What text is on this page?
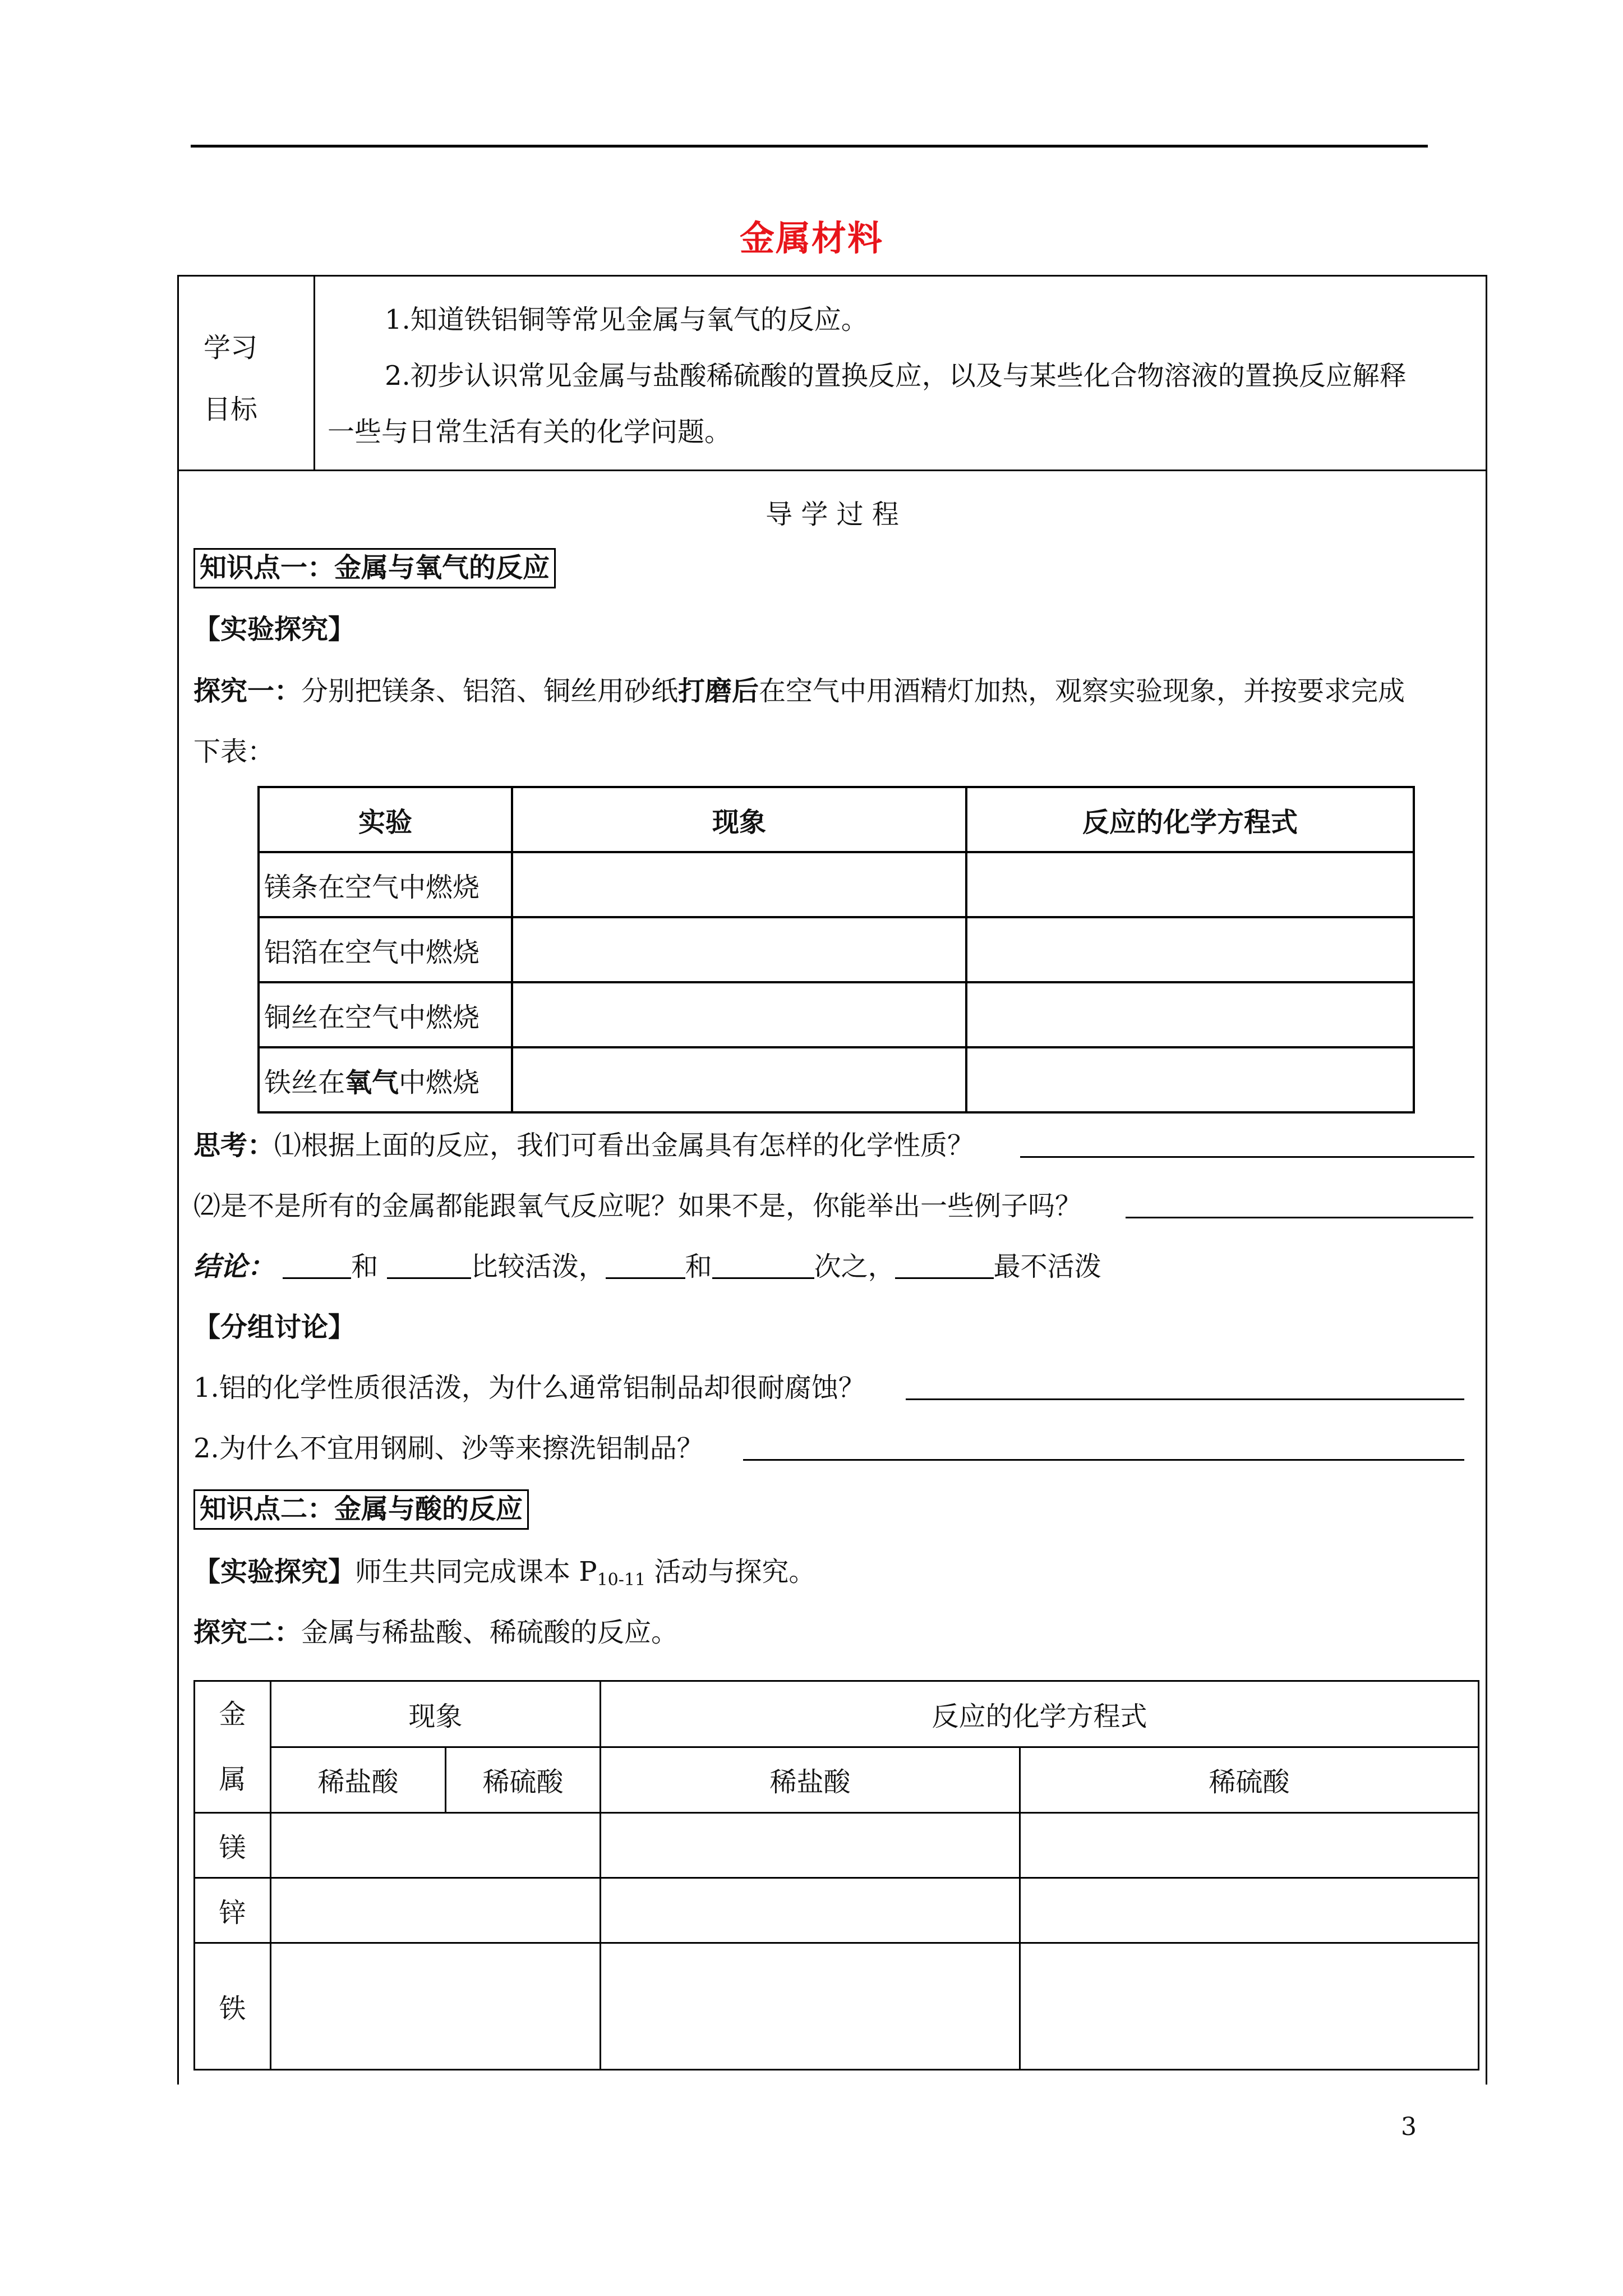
金属材料
学习
目标
1.知道铁铝铜等常见金属与氧气的反应。
2.初步认识常见金属与盐酸稀硫酸的置换反应，以及与某些化合物溶液的置换反应解释
一些与日常生活有关的化学问题。
导 学 过 程
知识点一：金属与氧气的反应
【实验探究】
探究一：分别把镁条、铝箔、铜丝用砂纸打磨后在空气中用酒精灯加热，观察实验现象，并按要求完成
下表：
实验	现象	反应的化学方程式
镁条在空气中燃烧		
铝箔在空气中燃烧		
铜丝在空气中燃烧		
铁丝在氧气中燃烧		
思考：⑴根据上面的反应，我们可看出金属具有怎样的化学性质？
⑵是不是所有的金属都能跟氧气反应呢？如果不是，你能举出一些例子吗？
结论：	和	比较活泼，	和	次之，	最不活泼
【分组讨论】
1.铝的化学性质很活泼，为什么通常铝制品却很耐腐蚀？
2.为什么不宜用钢刷、沙等来擦洗铝制品？
知识点二：金属与酸的反应
【实验探究】师生共同完成课本 $P_{10-11}$ 活动与探究。
探究二：金属与稀盐酸、稀硫酸的反应。
金
属	现象		反应的化学方程式	
	稀盐酸	稀硫酸	稀盐酸	稀硫酸
镁				
锌				
铁				
3
